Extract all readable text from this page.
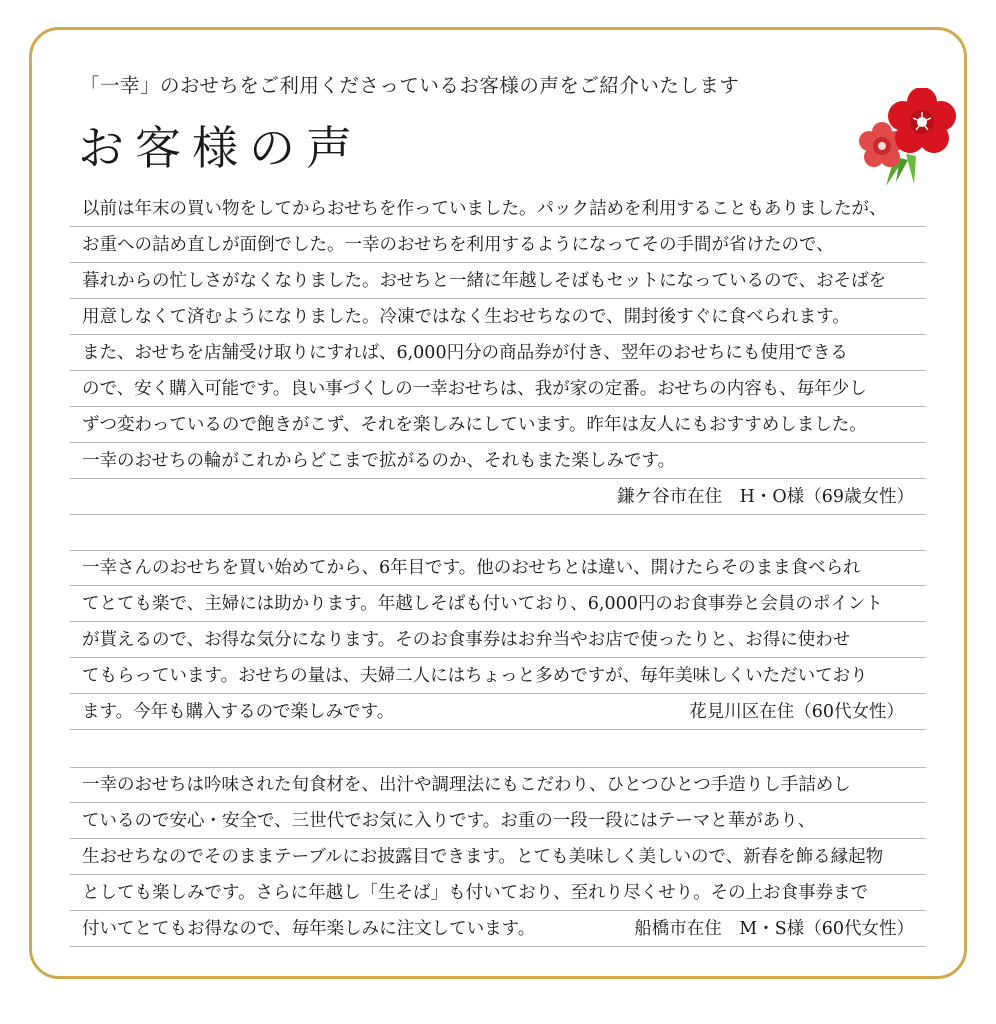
「一幸」のおせちをご利用くださっているお客様の声をご紹介いたします
お客様の声
以前は年末の買い物をしてからおせちを作っていました。パック詰めを利用することもありましたが、
お重への詰め直しが面倒でした。一幸のおせちを利用するようになってその手間が省けたので、
暮れからの忙しさがなくなりました。おせちと一緒に年越しそばもセットになっているので、おそばを
用意しなくて済むようになりました。冷凍ではなく生おせちなので、開封後すぐに食べられます。
また、おせちを店舗受け取りにすれば、6,000円分の商品券が付き、翌年のおせちにも使用できる
ので、安く購入可能です。良い事づくしの一幸おせちは、我が家の定番。おせちの内容も、毎年少し
ずつ変わっているので飽きがこず、それを楽しみにしています。昨年は友人にもおすすめしました。
一幸のおせちの輪がこれからどこまで拡がるのか、それもまた楽しみです。
鎌ケ谷市在住　H・O様（69歳女性）
一幸さんのおせちを買い始めてから、6年目です。他のおせちとは違い、開けたらそのまま食べられ
てとても楽で、主婦には助かります。年越しそばも付いており、6,000円のお食事券と会員のポイント
が貰えるので、お得な気分になります。そのお食事券はお弁当やお店で使ったりと、お得に使わせ
てもらっています。おせちの量は、夫婦二人にはちょっと多めですが、毎年美味しくいただいており
ます。今年も購入するので楽しみです。	花見川区在住（60代女性）
一幸のおせちは吟味された旬食材を、出汁や調理法にもこだわり、ひとつひとつ手造りし手詰めし
ているので安心・安全で、三世代でお気に入りです。お重の一段一段にはテーマと華があり、
生おせちなのでそのままテーブルにお披露目できます。とても美味しく美しいので、新春を飾る縁起物
としても楽しみです。さらに年越し「生そば」も付いており、至れり尽くせり。その上お食事券まで
付いてとてもお得なので、毎年楽しみに注文しています。	船橋市在住　M・S様（60代女性）
